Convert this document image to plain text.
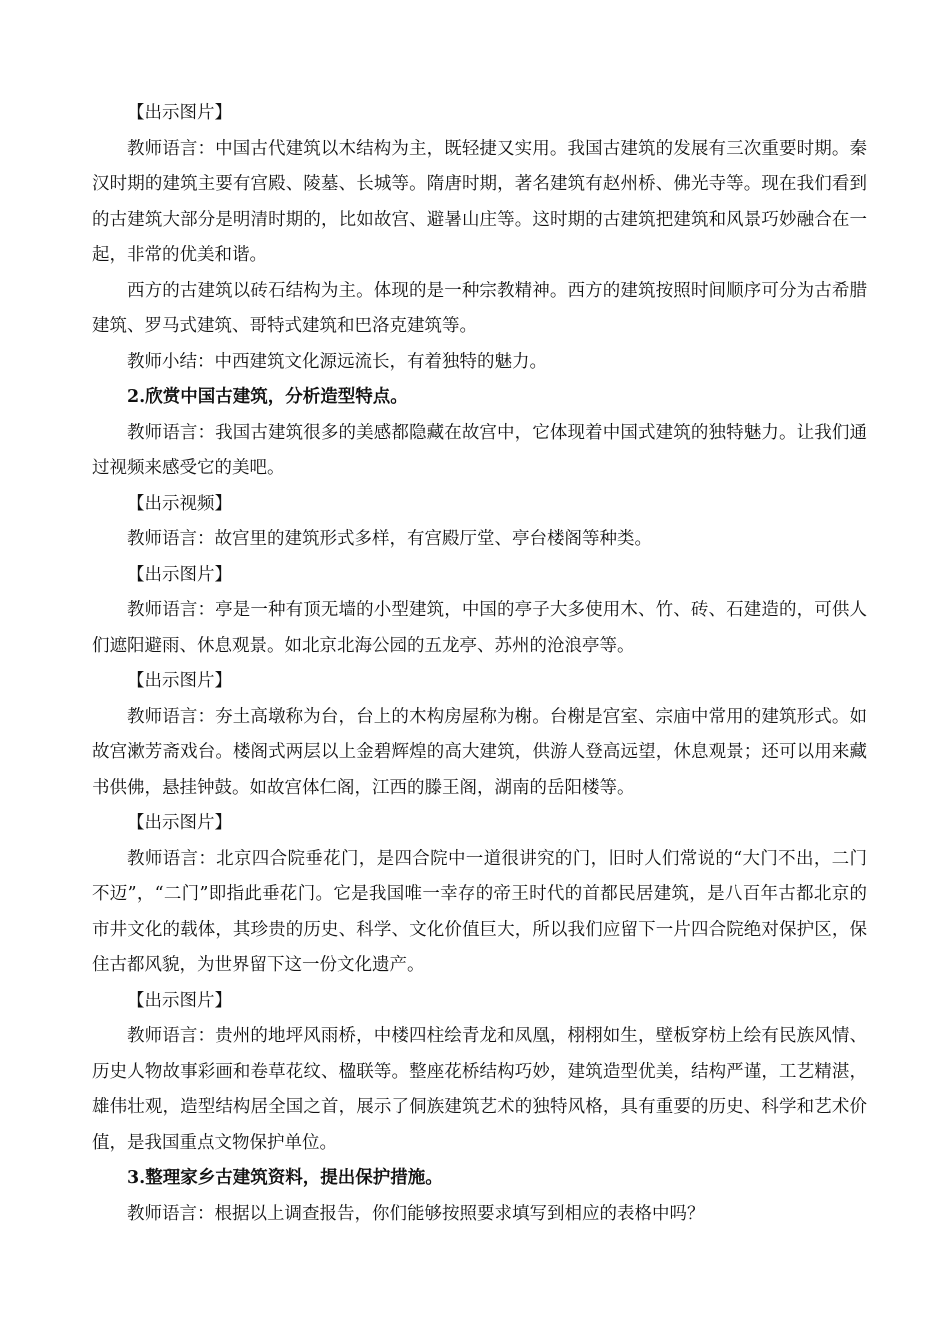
【出示图片】

教师语言：中国古代建筑以木结构为主，既轻捷又实用。我国古建筑的发展有三次重要时期。秦汉时期的建筑主要有宫殿、陵墓、长城等。隋唐时期，著名建筑有赵州桥、佛光寺等。现在我们看到的古建筑大部分是明清时期的，比如故宫、避暑山庄等。这时期的古建筑把建筑和风景巧妙融合在一起，非常的优美和谐。

西方的古建筑以砖石结构为主。体现的是一种宗教精神。西方的建筑按照时间顺序可分为古希腊建筑、罗马式建筑、哥特式建筑和巴洛克建筑等。

教师小结：中西建筑文化源远流长，有着独特的魅力。

2.欣赏中国古建筑，分析造型特点。

教师语言：我国古建筑很多的美感都隐藏在故宫中，它体现着中国式建筑的独特魅力。让我们通过视频来感受它的美吧。

【出示视频】

教师语言：故宫里的建筑形式多样，有宫殿厅堂、亭台楼阁等种类。

【出示图片】

教师语言：亭是一种有顶无墙的小型建筑，中国的亭子大多使用木、竹、砖、石建造的，可供人们遮阳避雨、休息观景。如北京北海公园的五龙亭、苏州的沧浪亭等。

【出示图片】

教师语言：夯土高墩称为台，台上的木构房屋称为榭。台榭是宫室、宗庙中常用的建筑形式。如故宫漱芳斋戏台。楼阁式两层以上金碧辉煌的高大建筑，供游人登高远望，休息观景；还可以用来藏书供佛，悬挂钟鼓。如故宫体仁阁，江西的滕王阁，湖南的岳阳楼等。

【出示图片】

教师语言：北京四合院垂花门，是四合院中一道很讲究的门，旧时人们常说的“大门不出，二门不迈”，“二门”即指此垂花门。它是我国唯一幸存的帝王时代的首都民居建筑，是八百年古都北京的市井文化的载体，其珍贵的历史、科学、文化价值巨大，所以我们应留下一片四合院绝对保护区，保住古都风貌，为世界留下这一份文化遗产。

【出示图片】

教师语言：贵州的地坪风雨桥，中楼四柱绘青龙和凤凰，栩栩如生，壁板穿枋上绘有民族风情、历史人物故事彩画和卷草花纹、楹联等。整座花桥结构巧妙，建筑造型优美，结构严谨，工艺精湛，雄伟壮观，造型结构居全国之首，展示了侗族建筑艺术的独特风格，具有重要的历史、科学和艺术价值，是我国重点文物保护单位。

3.整理家乡古建筑资料，提出保护措施。

教师语言：根据以上调查报告，你们能够按照要求填写到相应的表格中吗？
